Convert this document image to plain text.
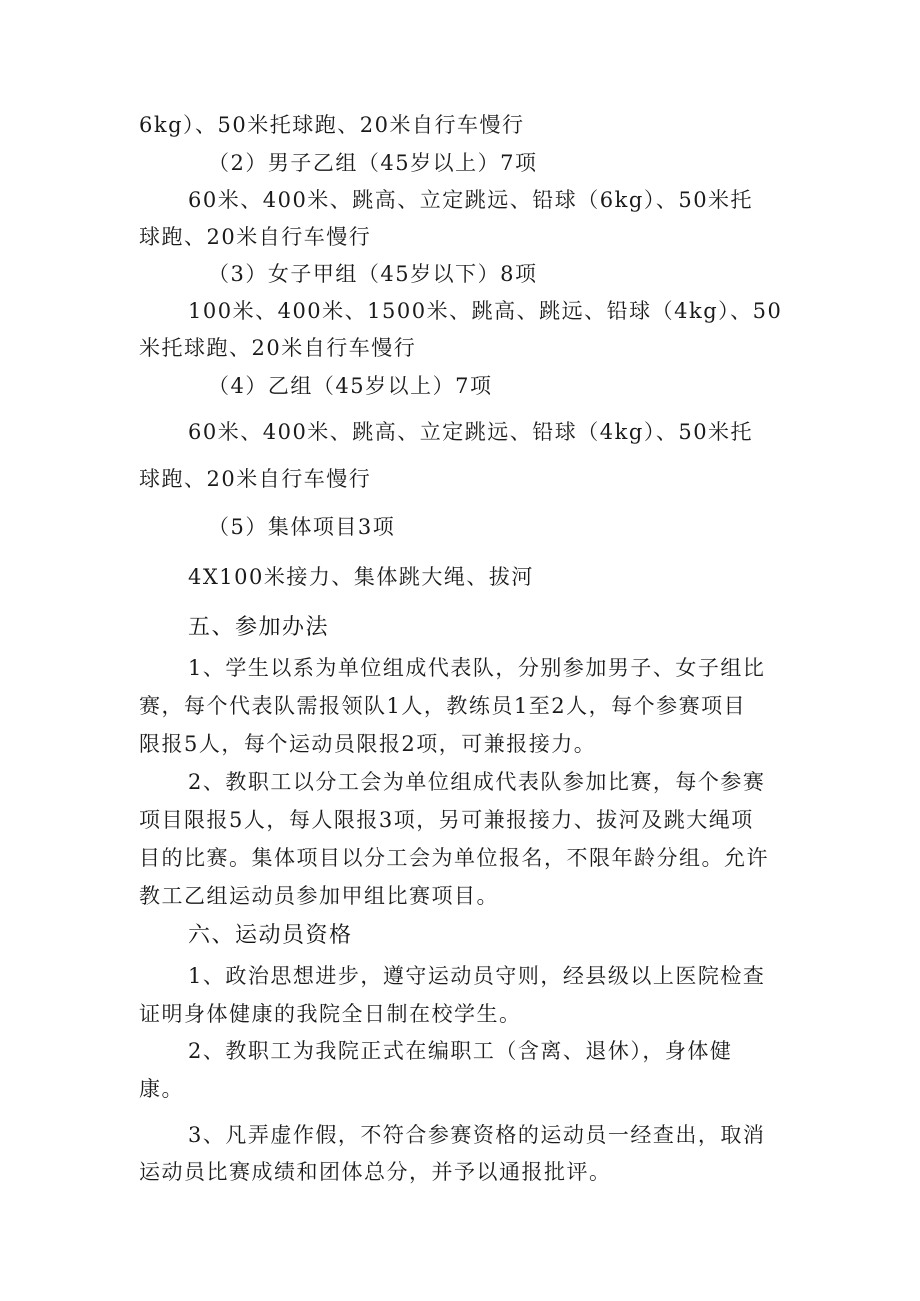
6kg）、50米托球跑、20米自行车慢行
（2）男子乙组（45岁以上）7项
60米、400米、跳高、立定跳远、铅球（6kg）、50米托
球跑、20米自行车慢行
（3）女子甲组（45岁以下）8项
100米、400米、1500米、跳高、跳远、铅球（4kg）、50
米托球跑、20米自行车慢行
（4）乙组（45岁以上）7项
60米、400米、跳高、立定跳远、铅球（4kg）、50米托
球跑、20米自行车慢行
（5）集体项目3项
4X100米接力、集体跳大绳、拔河
五、参加办法
1、学生以系为单位组成代表队，分别参加男子、女子组比
赛，每个代表队需报领队1人，教练员1至2人，每个参赛项目
限报5人，每个运动员限报2项，可兼报接力。
2、教职工以分工会为单位组成代表队参加比赛，每个参赛
项目限报5人，每人限报3项，另可兼报接力、拔河及跳大绳项
目的比赛。集体项目以分工会为单位报名，不限年龄分组。允许
教工乙组运动员参加甲组比赛项目。
六、运动员资格
1、政治思想进步，遵守运动员守则，经县级以上医院检查
证明身体健康的我院全日制在校学生。
2、教职工为我院正式在编职工（含离、退休），身体健
康。
3、凡弄虚作假，不符合参赛资格的运动员一经查出，取消
运动员比赛成绩和团体总分，并予以通报批评。
